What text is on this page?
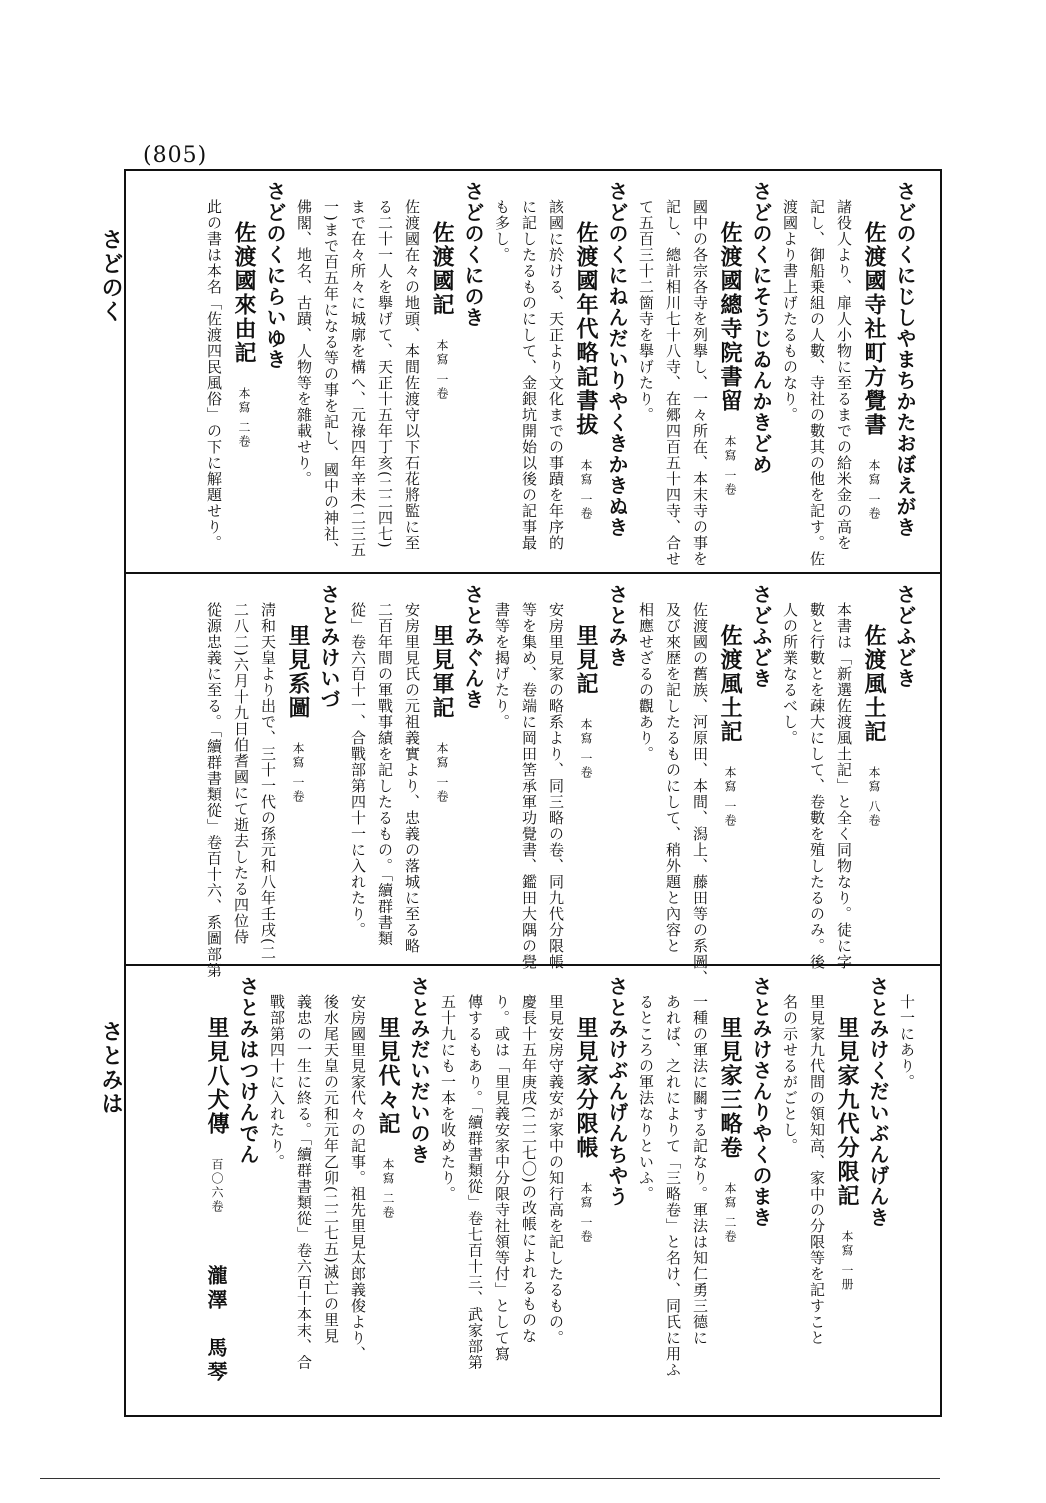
(805)
さどのく
さとみは
さどのくにじしやまちかたおぼえがき
佐渡國寺社町方覺書本寫 一卷
諸役人より、扉人小物に至るまでの給米金の高を
記し、御船乗組の人數、寺社の數其の他を記す。佐
渡國より書上げたるものなり。
さどのくにそうじゐんかきどめ
佐渡國總寺院書留本寫 一卷
國中の各宗各寺を列擧し、一々所在、本末寺の事を
記し、總計相川七十八寺、在郷四百五十四寺、合せ
て五百三十二箇寺を擧げたり。
さどのくにねんだいりやくきかきぬき
佐渡國年代略記書拔本寫 一卷
該國に於ける、天正より文化までの事蹟を年序的
に記したるものにして、金銀坑開始以後の記事最
も多し。
さどのくにのき
佐渡國記本寫 一卷
佐渡國在々の地頭、本間佐渡守以下石花將監に至
る二十一人を擧げて、天正十五年丁亥(二二四七)
まで在々所々に城廓を構へ、元祿四年辛未(二三五
一)まで百五年になる等の事を記し、國中の神社、
佛閣、地名、古蹟、人物等を雜載せり。
さどのくにらいゆき
佐渡國來由記本寫 二卷
此の書は本名「佐渡四民風俗」の下に解題せり。
さどふどき
佐渡風土記本寫 八卷
本書は「新選佐渡風土記」と全く同物なり。徒に字
數と行數とを疎大にして、卷數を殖したるのみ。後
人の所業なるべし。
さどふどき
佐渡風土記本寫 一卷
佐渡國の舊族、河原田、本間、潟上、藤田等の系圖、
及び來歴を記したるものにして、稍外題と內容と
相應せざるの觀あり。
さとみき
里見記本寫 一卷
安房里見家の略系より、同三略の卷、同九代分限帳
等を集め、卷端に岡田筈承軍功覺書、鑑田大隅の覺
書等を揭げたり。
さとみぐんき
里見軍記本寫 一卷
安房里見氏の元祖義實より、忠義の落城に至る略
二百年間の軍戰事績を記したるもの。「續群書類
從」卷六百十一、合戰部第四十一に入れたり。
さとみけいづ
里見系圖本寫 一卷
淸和天皇より出で、三十一代の孫元和八年壬戌(二
二八二)六月十九日伯耆國にて逝去したる四位侍
從源忠義に至る。「續群書類從」卷百十六、系圖部第
十一にあり。
さとみけくだいぶんげんき
里見家九代分限記本寫 一册
里見家九代間の領知高、家中の分限等を記すこと
名の示せるがごとし。
さとみけさんりやくのまき
里見家三略卷本寫 二卷
一種の軍法に關する記なり。軍法は知仁勇三德に
あれば、之れによりて「三略卷」と名け、同氏に用ふ
るところの軍法なりといふ。
さとみけぶんげんちやう
里見家分限帳本寫 一卷
里見安房守義安が家中の知行高を記したるもの。
慶長十五年庚戌(二二七〇)の改帳によれるものな
り。或は「里見義安家中分限寺社領等付」として寫
傳するもあり。「續群書類從」卷七百十三、武家部第
五十九にも一本を收めたり。
さとみだいだいのき
里見代々記本寫 二卷
安房國里見家代々の記事。祖先里見太郎義俊より、
後水尾天皇の元和元年乙卯(二二七五)滅亡の里見
義忠の一生に終る。「續群書類從」卷六百十本末、合
戰部第四十に入れたり。
さとみはつけんでん
里見八犬傳百〇六卷
瀧澤　馬琴
